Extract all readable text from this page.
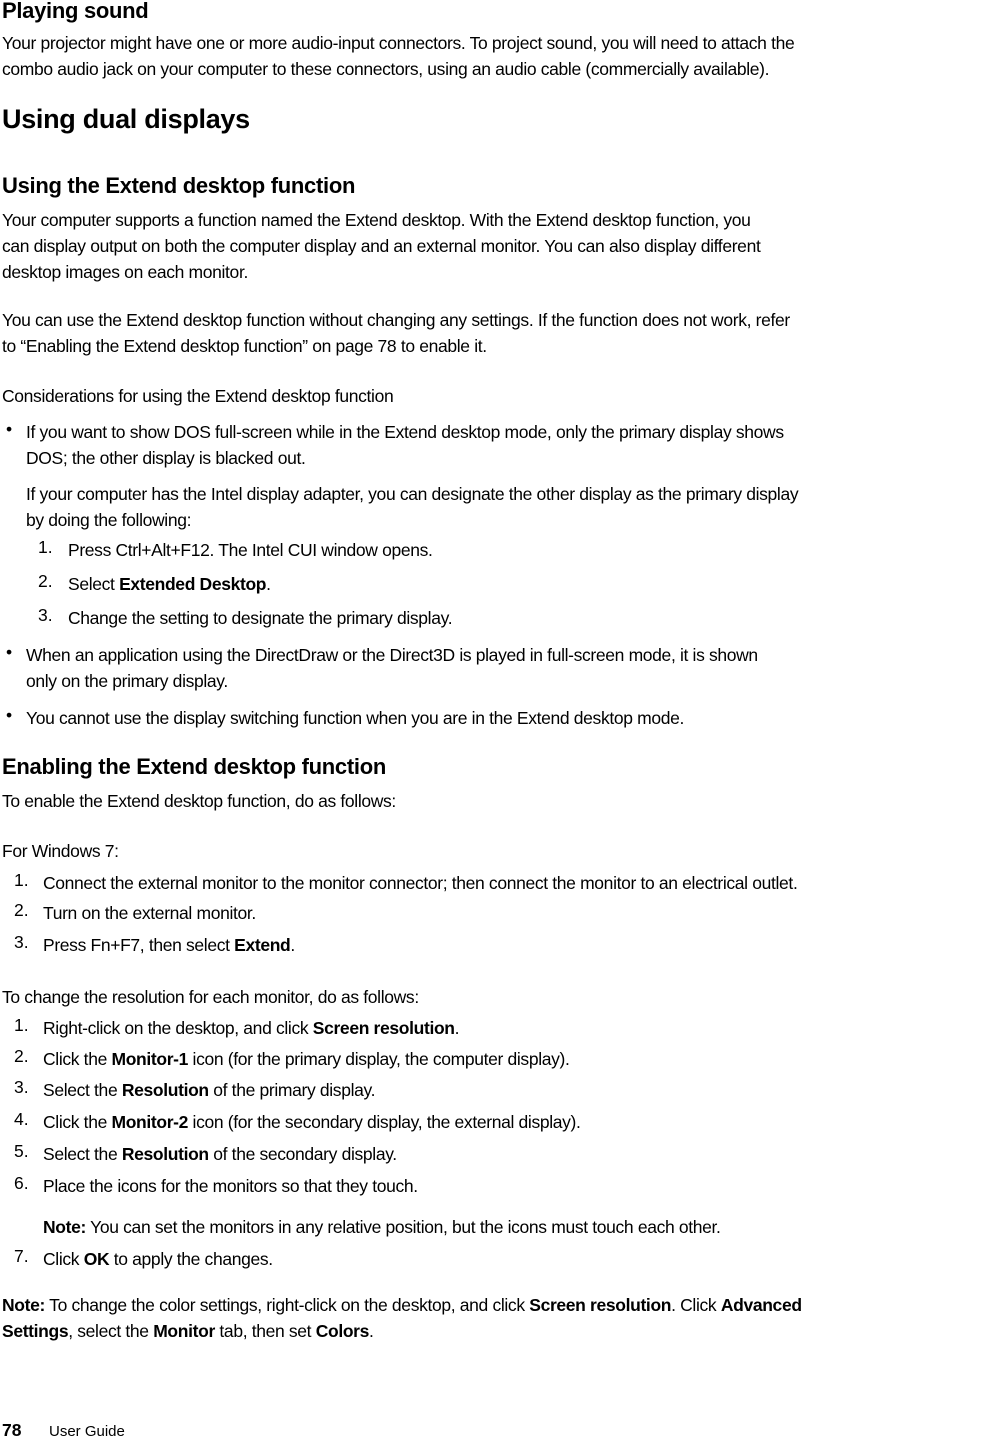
Playing sound
Your projector might have one or more audio-input connectors. To project sound, you will need to attach the
combo audio jack on your computer to these connectors, using an audio cable (commercially available).
Using dual displays
Using the Extend desktop function
Your computer supports a function named the Extend desktop. With the Extend desktop function, you
can display output on both the computer display and an external monitor. You can also display different
desktop images on each monitor.
You can use the Extend desktop function without changing any settings. If the function does not work, refer
to “Enabling the Extend desktop function” on page 78 to enable it.
Considerations for using the Extend desktop function
• If you want to show DOS full-screen while in the Extend desktop mode, only the primary display shows
DOS; the other display is blacked out.
If your computer has the Intel display adapter, you can designate the other display as the primary display
by doing the following:
1. Press Ctrl+Alt+F12. The Intel CUI window opens.
2. Select Extended Desktop.
3. Change the setting to designate the primary display.
• When an application using the DirectDraw or the Direct3D is played in full-screen mode, it is shown
only on the primary display.
• You cannot use the display switching function when you are in the Extend desktop mode.
Enabling the Extend desktop function
To enable the Extend desktop function, do as follows:
For Windows 7:
1. Connect the external monitor to the monitor connector; then connect the monitor to an electrical outlet.
2. Turn on the external monitor.
3. Press Fn+F7, then select Extend.
To change the resolution for each monitor, do as follows:
1. Right-click on the desktop, and click Screen resolution.
2. Click the Monitor-1 icon (for the primary display, the computer display).
3. Select the Resolution of the primary display.
4. Click the Monitor-2 icon (for the secondary display, the external display).
5. Select the Resolution of the secondary display.
6. Place the icons for the monitors so that they touch.
Note: You can set the monitors in any relative position, but the icons must touch each other.
7. Click OK to apply the changes.
Note: To change the color settings, right-click on the desktop, and click Screen resolution. Click Advanced
Settings, select the Monitor tab, then set Colors.
78 User Guide
